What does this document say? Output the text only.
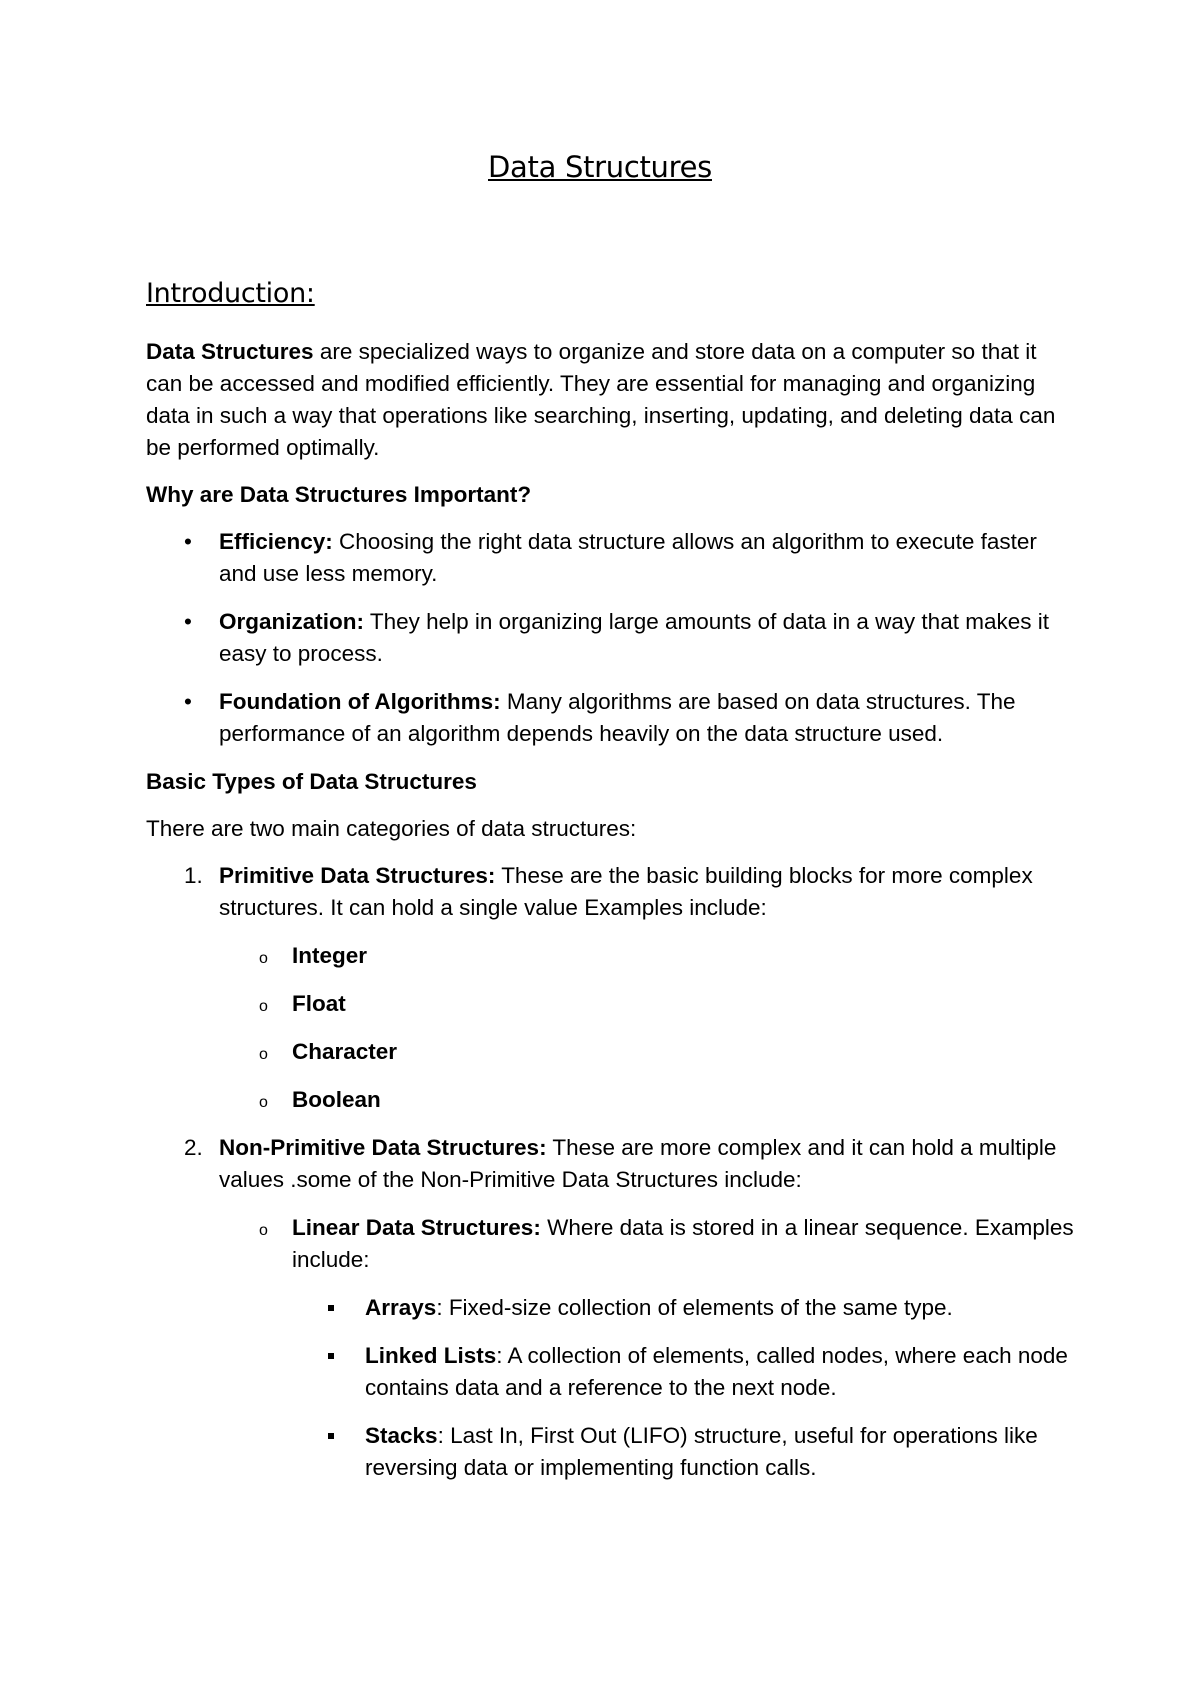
Data Structures
Introduction:

Data Structures are specialized ways to organize and store data on a computer so that it can be accessed and modified efficiently. They are essential for managing and organizing data in such a way that operations like searching, inserting, updating, and deleting data can be performed optimally.

Why are Data Structures Important?

• Efficiency: Choosing the right data structure allows an algorithm to execute faster and use less memory.
• Organization: They help in organizing large amounts of data in a way that makes it easy to process.
• Foundation of Algorithms: Many algorithms are based on data structures. The performance of an algorithm depends heavily on the data structure used.

Basic Types of Data Structures

There are two main categories of data structures:

1. Primitive Data Structures: These are the basic building blocks for more complex structures. It can hold a single value Examples include:
o Integer
o Float
o Character
o Boolean
2. Non-Primitive Data Structures: These are more complex and it can hold a multiple values .some of the Non-Primitive Data Structures include:
o Linear Data Structures: Where data is stored in a linear sequence. Examples include:
Arrays: Fixed-size collection of elements of the same type.
Linked Lists: A collection of elements, called nodes, where each node contains data and a reference to the next node.
Stacks: Last In, First Out (LIFO) structure, useful for operations like reversing data or implementing function calls.
